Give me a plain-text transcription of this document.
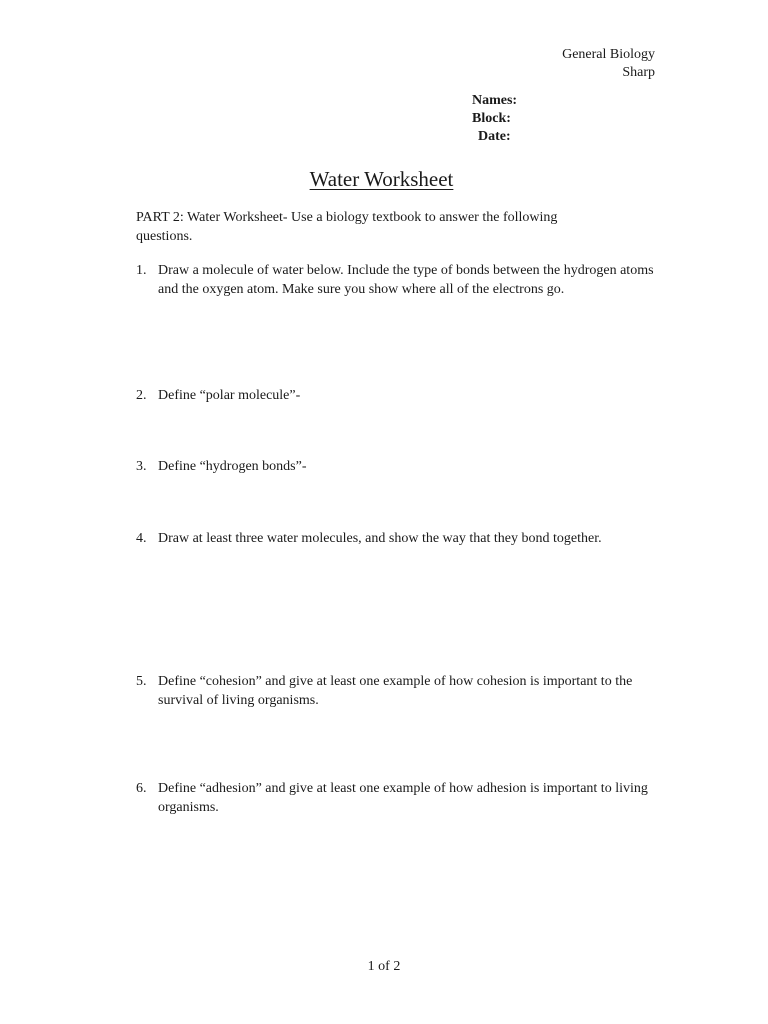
General Biology
Sharp
Names:
Block:
Date:
Water Worksheet
PART 2: Water Worksheet- Use a biology textbook to answer the following questions.
1. Draw a molecule of water below. Include the type of bonds between the hydrogen atoms and the oxygen atom. Make sure you show where all of the electrons go.
2. Define “polar molecule”-
3. Define “hydrogen bonds”-
4. Draw at least three water molecules, and show the way that they bond together.
5. Define “cohesion” and give at least one example of how cohesion is important to the survival of living organisms.
6. Define “adhesion” and give at least one example of how adhesion is important to living organisms.
1 of 2
